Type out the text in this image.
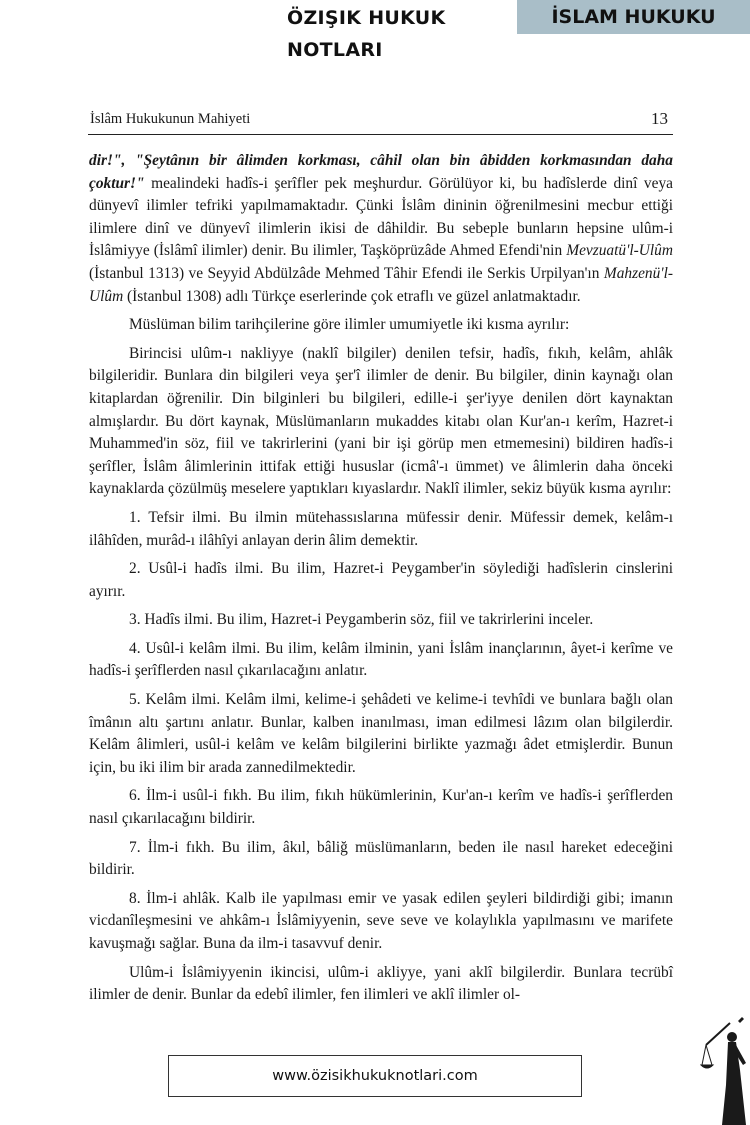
ÖZIŞIK HUKUK NOTLARI
İSLAM HUKUKU
İslâm Hukukunun Mahiyeti	13

dir!", "Şeytânın bir âlimden korkması, câhil olan bin âbidden korkmasından daha çoktur!" mealindeki hadîs-i şerîfler pek meşhurdur. Görülüyor ki, bu hadîslerde dinî veya dünyevî ilimler tefriki yapılmamaktadır. Çünki İslâm dininin öğrenilmesini mecbur ettiği ilimlere dinî ve dünyevî ilimlerin ikisi de dâhildir. Bu sebeple bunların hepsine ulûm-i İslâmiyye (İslâmî ilimler) denir. Bu ilimler, Taşköprüzâde Ahmed Efendi'nin Mevzuatü'l-Ulûm (İstanbul 1313) ve Seyyid Abdülzâde Mehmed Tâhir Efendi ile Serkis Urpilyan'ın Mahzenü'l-Ulûm (İstanbul 1308) adlı Türkçe eserlerinde çok etraflı ve güzel anlatmaktadır.

Müslüman bilim tarihçilerine göre ilimler umumiyetle iki kısma ayrılır:

Birincisi ulûm-ı nakliyye (naklî bilgiler) denilen tefsir, hadîs, fıkıh, kelâm, ahlâk bilgileridir. Bunlara din bilgileri veya şer'î ilimler de denir. Bu bilgiler, dinin kaynağı olan kitaplardan öğrenilir. Din bilginleri bu bilgileri, edille-i şer'iyye denilen dört kaynaktan almışlardır. Bu dört kaynak, Müslümanların mukaddes kitabı olan Kur'an-ı kerîm, Hazret-i Muhammed'in söz, fiil ve takrirlerini (yani bir işi görüp men etmemesini) bildiren hadîs-i şerîfler, İslâm âlimlerinin ittifak ettiği hususlar (icmâ'-ı ümmet) ve âlimlerin daha önceki kaynaklarda çözülmüş meselere yaptıkları kıyaslardır. Naklî ilimler, sekiz büyük kısma ayrılır:

1. Tefsir ilmi. Bu ilmin mütehassıslarına müfessir denir. Müfessir demek, kelâm-ı ilâhîden, murâd-ı ilâhîyi anlayan derin âlim demektir.

2. Usûl-i hadîs ilmi. Bu ilim, Hazret-i Peygamber'in söylediği hadîslerin cinslerini ayırır.

3. Hadîs ilmi. Bu ilim, Hazret-i Peygamberin söz, fiil ve takrirlerini inceler.

4. Usûl-i kelâm ilmi. Bu ilim, kelâm ilminin, yani İslâm inançlarının, âyet-i kerîme ve hadîs-i şerîflerden nasıl çıkarılacağını anlatır.

5. Kelâm ilmi. Kelâm ilmi, kelime-i şehâdeti ve kelime-i tevhîdi ve bunlara bağlı olan îmânın altı şartını anlatır. Bunlar, kalben inanılması, iman edilmesi lâzım olan bilgilerdir. Kelâm âlimleri, usûl-i kelâm ve kelâm bilgilerini birlikte yazmağı âdet etmişlerdir. Bunun için, bu iki ilim bir arada zannedilmektedir.

6. İlm-i usûl-i fıkh. Bu ilim, fıkıh hükümlerinin, Kur'an-ı kerîm ve hadîs-i şerîflerden nasıl çıkarılacağını bildirir.

7. İlm-i fıkh. Bu ilim, âkıl, bâliğ müslümanların, beden ile nasıl hareket edeceğini bildirir.

8. İlm-i ahlâk. Kalb ile yapılması emir ve yasak edilen şeyleri bildirdiği gibi; imanın vicdanîleşmesini ve ahkâm-ı İslâmiyyenin, seve seve ve kolaylıkla yapılmasını ve marifete kavuşmağı sağlar. Buna da ilm-i tasavvuf denir.

Ulûm-i İslâmiyyenin ikincisi, ulûm-i akliyye, yani aklî bilgilerdir. Bunlara tecrübî ilimler de denir. Bunlar da edebî ilimler, fen ilimleri ve aklî ilimler ol-

www.özisikhukuknotlari.com
